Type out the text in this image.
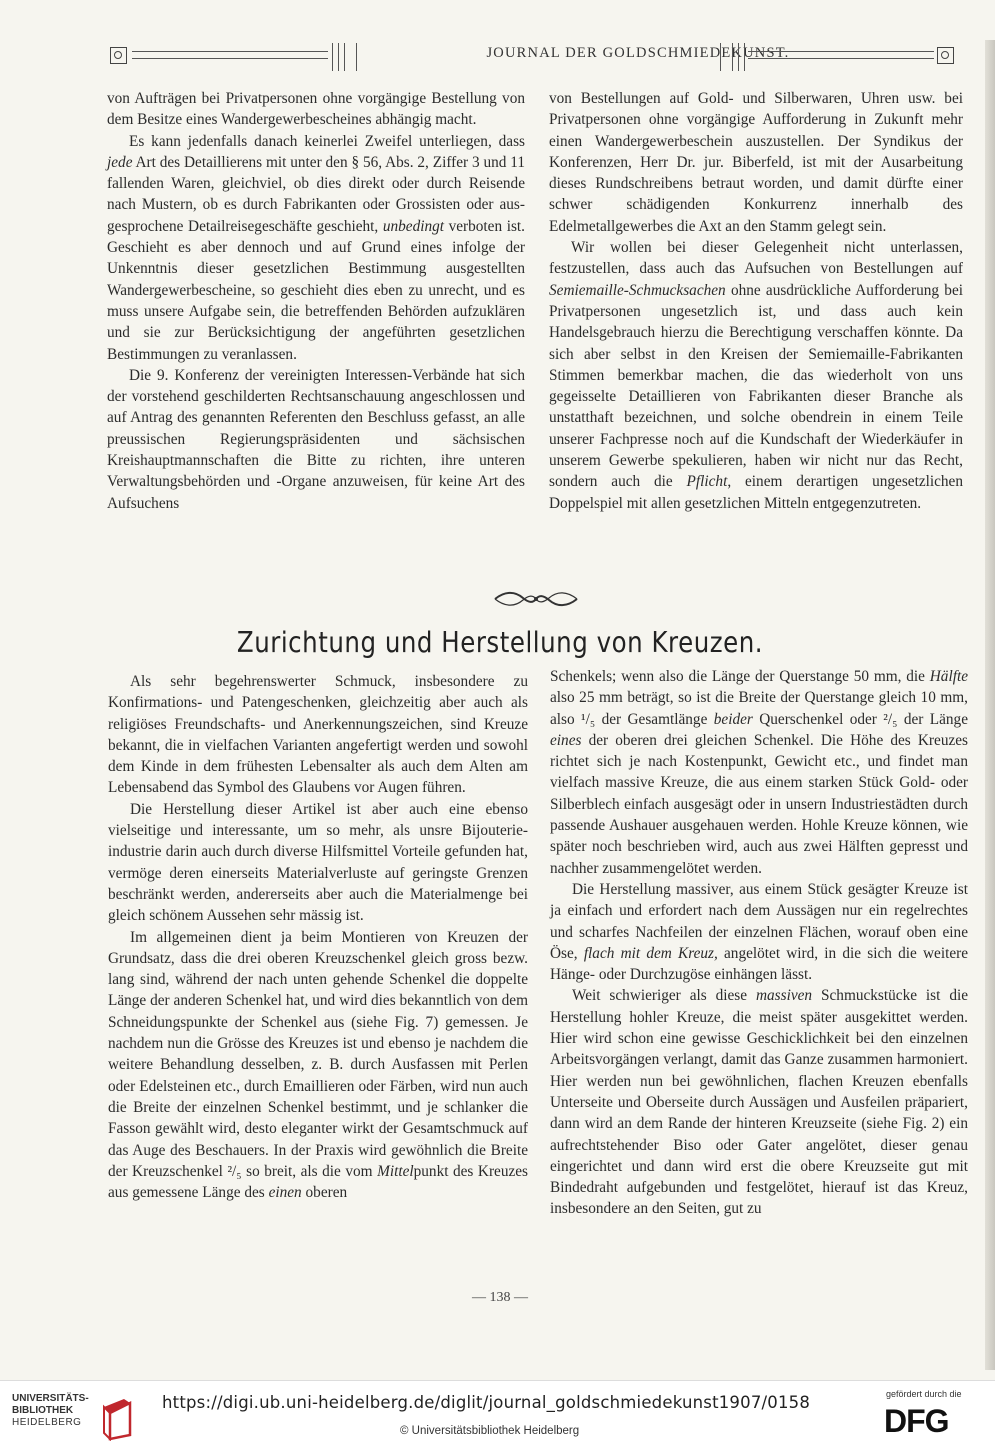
JOURNAL DER GOLDSCHMIEDEKUNST.

von Aufträgen bei Privatpersonen ohne vorgängige Bestellung von dem Besitze eines Wandergewerbescheines abhängig macht.

Es kann jedenfalls danach keinerlei Zweifel unterliegen, dass jede Art des Detaillierens mit unter den § 56, Abs. 2, Ziffer 3 und 11 fallenden Waren, gleichviel, ob dies direkt oder durch Reisende nach Mustern, ob es durch Fabrikanten oder Grossisten oder ausgesprochene Detailreisegeschäfte geschieht, unbedingt verboten ist. Geschieht es aber dennoch und auf Grund eines infolge der Unkenntnis dieser gesetzlichen Bestimmung ausgestellten Wandergewerbescheine, so geschieht dies eben zu unrecht, und es muss unsere Aufgabe sein, die betreffenden Behörden aufzuklären und sie zur Berücksichtigung der angeführten gesetzlichen Bestimmungen zu veranlassen.

Die 9. Konferenz der vereinigten Interessen-Verbände hat sich der vorstehend geschilderten Rechtsanschauung angeschlossen und auf Antrag des genannten Referenten den Beschluss gefasst, an alle preussischen Regierungspräsidenten und sächsischen Kreishauptmannschaften die Bitte zu richten, ihre unteren Verwaltungsbehörden und -Organe anzuweisen, für keine Art des Aufsuchens

von Bestellungen auf Gold- und Silberwaren, Uhren usw. bei Privatpersonen ohne vorgängige Aufforderung in Zukunft mehr einen Wandergewerbeschein auszustellen. Der Syndikus der Konferenzen, Herr Dr. jur. Biberfeld, ist mit der Ausarbeitung dieses Rundschreibens betraut worden, und damit dürfte einer schwer schädigenden Konkurrenz innerhalb des Edelmetallgewerbes die Axt an den Stamm gelegt sein.

Wir wollen bei dieser Gelegenheit nicht unterlassen, festzustellen, dass auch das Aufsuchen von Bestellungen auf Semiemaille-Schmucksachen ohne ausdrückliche Aufforderung bei Privatpersonen ungesetzlich ist, und dass auch kein Handelsgebrauch hierzu die Berechtigung verschaffen könnte. Da sich aber selbst in den Kreisen der Semiemaille-Fabrikanten Stimmen bemerkbar machen, die das wiederholt von uns gegeisselte Detaillieren von Fabrikanten dieser Branche als unstatthaft bezeichnen, und solche obendrein in einem Teile unserer Fachpresse noch auf die Kundschaft der Wiederkäufer in unserem Gewerbe spekulieren, haben wir nicht nur das Recht, sondern auch die Pflicht, einem derartigen ungesetzlichen Doppelspiel mit allen gesetzlichen Mitteln entgegenzutreten.

Zurichtung und Herstellung von Kreuzen.

Als sehr begehrenswerter Schmuck, insbesondere zu Konfirmations- und Patengeschenken, gleichzeitig aber auch als religiöses Freundschafts- und Anerkennungszeichen, sind Kreuze bekannt, die in vielfachen Varianten angefertigt werden und sowohl dem Kinde in dem frühesten Lebensalter als auch dem Alten am Lebensabend das Symbol des Glaubens vor Augen führen.

Die Herstellung dieser Artikel ist aber auch eine ebenso vielseitige und interessante, um so mehr, als unsre Bijouterieindustrie darin auch durch diverse Hilfsmittel Vorteile gefunden hat, vermöge deren einerseits Materialverluste auf geringste Grenzen beschränkt werden, andererseits aber auch die Materialmenge bei gleich schönem Aussehen sehr mässig ist.

Im allgemeinen dient ja beim Montieren von Kreuzen der Grundsatz, dass die drei oberen Kreuzschenkel gleich gross bezw. lang sind, während der nach unten gehende Schenkel die doppelte Länge der anderen Schenkel hat, und wird dies bekanntlich von dem Schneidungspunkte der Schenkel aus (siehe Fig. 7) gemessen. Je nachdem nun die Grösse des Kreuzes ist und ebenso je nachdem die weitere Behandlung desselben, z. B. durch Ausfassen mit Perlen oder Edelsteinen etc., durch Emaillieren oder Färben, wird nun auch die Breite der einzelnen Schenkel bestimmt, und je schlanker die Fasson gewählt wird, desto eleganter wirkt der Gesamtschmuck auf das Auge des Beschauers. In der Praxis wird gewöhnlich die Breite der Kreuzschenkel ²/₅ so breit, als die vom Mittelpunkt des Kreuzes aus gemessene Länge des einen oberen

Schenkels; wenn also die Länge der Querstange 50 mm, die Hälfte also 25 mm beträgt, so ist die Breite der Querstange gleich 10 mm, also ¹/₅ der Gesamtlänge beider Querschenkel oder ²/₅ der Länge eines der oberen drei gleichen Schenkel. Die Höhe des Kreuzes richtet sich je nach Kostenpunkt, Gewicht etc., und findet man vielfach massive Kreuze, die aus einem starken Stück Gold- oder Silberblech einfach ausgesägt oder in unsern Industriestädten durch passende Aushauer ausgehauen werden. Hohle Kreuze können, wie später noch beschrieben wird, auch aus zwei Hälften gepresst und nachher zusammengelötet werden.

Die Herstellung massiver, aus einem Stück gesägter Kreuze ist ja einfach und erfordert nach dem Aussägen nur ein regelrechtes und scharfes Nachfeilen der einzelnen Flächen, worauf oben eine Öse, flach mit dem Kreuz, angelötet wird, in die sich die weitere Hänge- oder Durchzugöse einhängen lässt.

Weit schwieriger als diese massiven Schmuckstücke ist die Herstellung hohler Kreuze, die meist später ausgekittet werden. Hier wird schon eine gewisse Geschicklichkeit bei den einzelnen Arbeitsvorgängen verlangt, damit das Ganze zusammen harmoniert. Hier werden nun bei gewöhnlichen, flachen Kreuzen ebenfalls Unterseite und Oberseite durch Aussägen und Ausfeilen präpariert, dann wird an dem Rande der hinteren Kreuzseite (siehe Fig. 2) ein aufrechtstehender Biso oder Gater angelötet, dieser genau eingerichtet und dann wird erst die obere Kreuzseite gut mit Bindedraht aufgebunden und festgelötet, hierauf ist das Kreuz, insbesondere an den Seiten, gut zu

— 138 —
UNIVERSITÄTS-
BIBLIOTHEK
HEIDELBERG
https://digi.ub.uni-heidelberg.de/diglit/journal_goldschmiedekunst1907/0158
© Universitätsbibliothek Heidelberg
gefördert durch die
DFG
